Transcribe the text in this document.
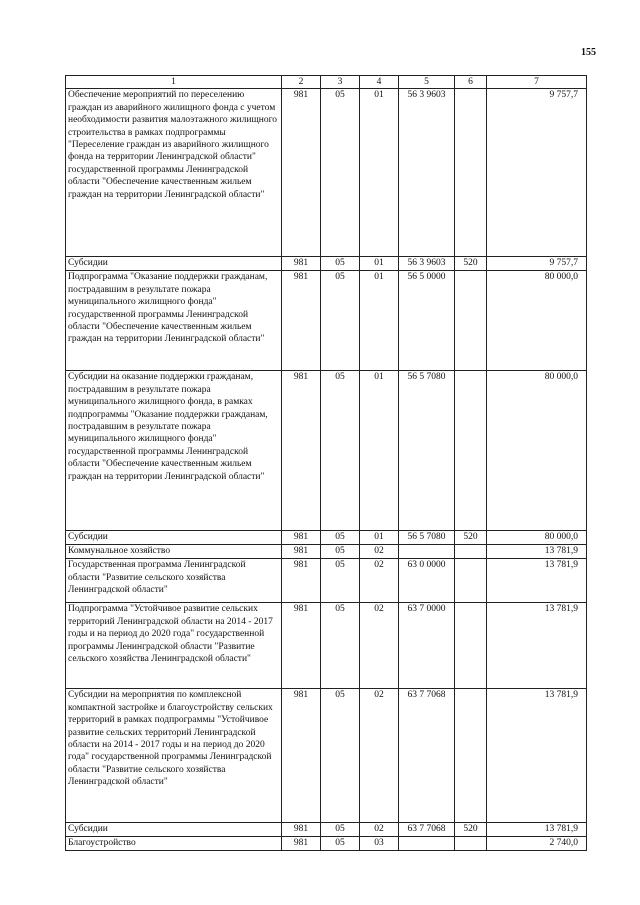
155
1	2	3	4	5	6	7
Обеспечение мероприятий по переселению граждан из аварийного жилищного фонда с учетом необходимости развития малоэтажного жилищного строительства в рамках подпрограммы "Переселение граждан из аварийного жилищного фонда на территории Ленинградской области" государственной программы Ленинградской области "Обеспечение качественным жильем граждан на территории Ленинградской области"	981	05	01	56 3 9603		9 757,7
Субсидии	981	05	01	56 3 9603	520	9 757,7
Подпрограмма "Оказание поддержки гражданам, пострадавшим в результате пожара муниципального жилищного фонда" государственной программы Ленинградской области "Обеспечение качественным жильем граждан на территории Ленинградской области"	981	05	01	56 5 0000		80 000,0
Субсидии на оказание поддержки гражданам, пострадавшим в результате пожара муниципального жилищного фонда, в рамках подпрограммы "Оказание поддержки гражданам, пострадавшим в результате пожара муниципального жилищного фонда" государственной программы Ленинградской области "Обеспечение качественным жильем граждан на территории Ленинградской области"	981	05	01	56 5 7080		80 000,0
Субсидии	981	05	01	56 5 7080	520	80 000,0
Коммунальное хозяйство	981	05	02			13 781,9
Государственная программа Ленинградской области "Развитие сельского хозяйства Ленинградской области"	981	05	02	63 0 0000		13 781,9
Подпрограмма "Устойчивое развитие сельских территорий Ленинградской области на 2014 - 2017 годы и на период до 2020 года" государственной программы Ленинградской области "Развитие сельского хозяйства Ленинградской области"	981	05	02	63 7 0000		13 781,9
Субсидии на мероприятия по комплексной компактной застройке и благоустройству сельских территорий в рамках подпрограммы "Устойчивое развитие сельских территорий Ленинградской области на 2014 - 2017 годы и на период до 2020 года" государственной программы Ленинградской области "Развитие сельского хозяйства Ленинградской области"	981	05	02	63 7 7068		13 781,9
Субсидии	981	05	02	63 7 7068	520	13 781,9
Благоустройство	981	05	03			2 740,0
